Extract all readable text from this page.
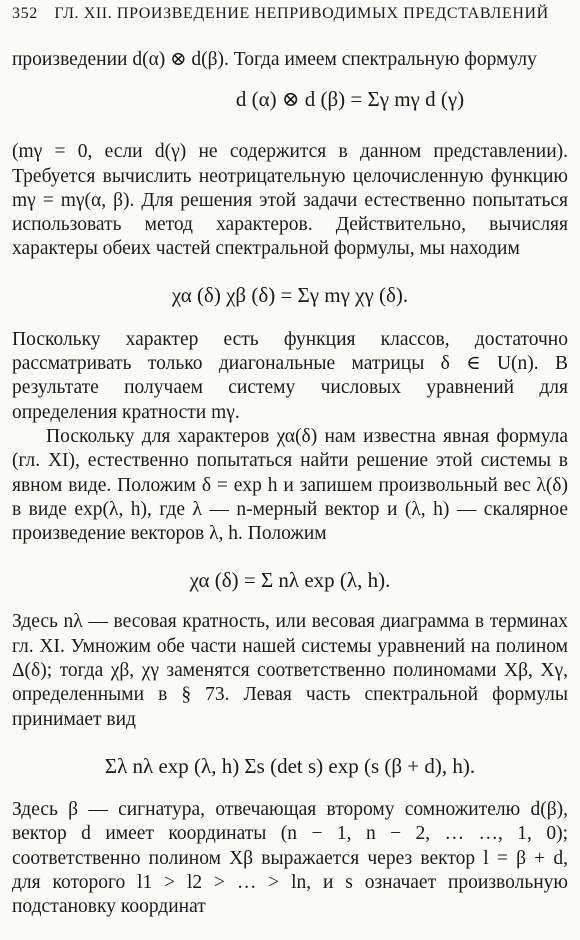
352 ГЛ. XII. ПРОИЗВЕДЕНИЕ НЕПРИВОДИМЫХ ПРЕДСТАВЛЕНИЙ

произведении d(α) ⊗ d(β). Тогда имеем спектральную формулу

d (α) ⊗ d (β) = Σγ mγ d (γ)

(mγ = 0, если d(γ) не содержится в данном представлении). Требуется вычислить неотрицательную целочисленную функцию mγ = mγ(α, β). Для решения этой задачи естественно попытаться использовать метод характеров. Действительно, вычисляя характеры обеих частей спектральной формулы, мы находим

χα (δ) χβ (δ) = Σγ mγ χγ (δ).

Поскольку характер есть функция классов, достаточно рассматривать только диагональные матрицы δ ∈ U(n). В результате получаем систему числовых уравнений для определения кратности mγ.

Поскольку для характеров χα(δ) нам известна явная формула (гл. XI), естественно попытаться найти решение этой системы в явном виде. Положим δ = exp h и запишем произвольный вес λ(δ) в виде exp(λ, h), где λ — n-мерный вектор и (λ, h) — скалярное произведение векторов λ, h. Положим

χα (δ) = Σ nλ exp (λ, h).

Здесь nλ — весовая кратность, или весовая диаграмма в терминах гл. XI. Умножим обе части нашей системы уравнений на полином Δ(δ); тогда χβ, χγ заменятся соответственно полиномами Xβ, Xγ, определенными в § 73. Левая часть спектральной формулы принимает вид

Σλ nλ exp (λ, h) Σs (det s) exp (s (β + d), h).

Здесь β — сигнатура, отвечающая второму сомножителю d(β), вектор d имеет координаты (n − 1, n − 2, … …, 1, 0); соответственно полином Xβ выражается через вектор l = β + d, для которого l1 > l2 > … > ln, и s означает произвольную подстановку координат
